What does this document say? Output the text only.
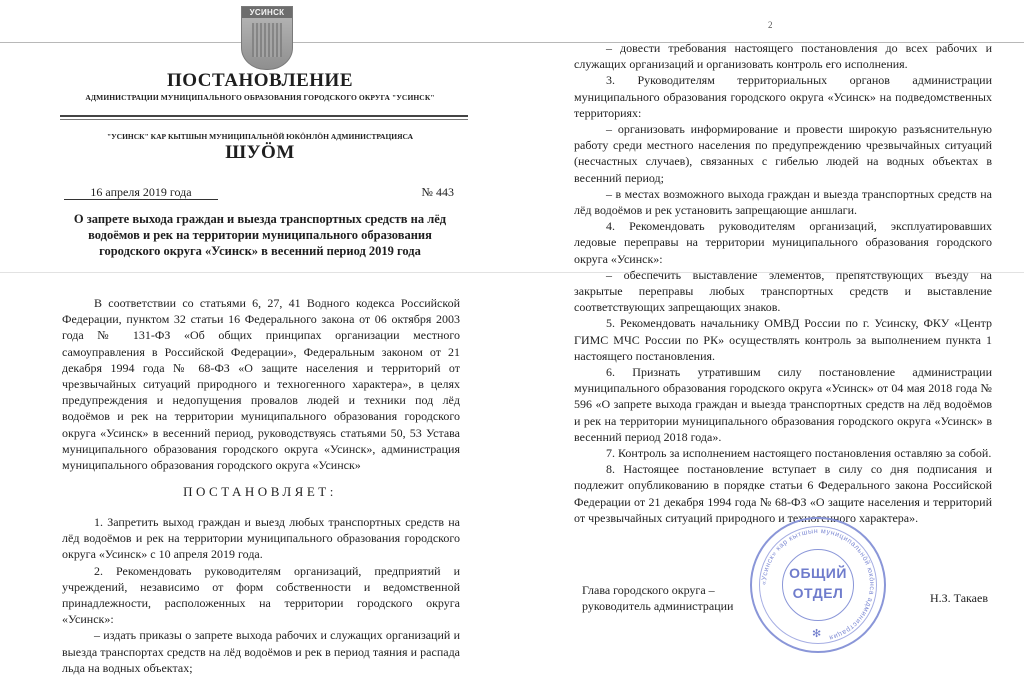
УСИНСК
ПОСТАНОВЛЕНИЕ
АДМИНИСТРАЦИИ МУНИЦИПАЛЬНОГО ОБРАЗОВАНИЯ ГОРОДСКОГО ОКРУГА "УСИНСК"
"УСИНСК" КАР КЫТШЫН МУНИЦИПАЛЬНÖЙ ЮКÖНЛÖН АДМИНИСТРАЦИЯСА
ШУÖМ
16 апреля 2019 года	№ 443
О запрете выхода граждан и выезда транспортных средств на лёд водоёмов и рек на территории муниципального образования городского округа «Усинск» в весенний период 2019 года

В соответствии со статьями 6, 27, 41 Водного кодекса Российской Федерации, пунктом 32 статьи 16 Федерального закона от 06 октября 2003 года № 131-ФЗ «Об общих принципах организации местного самоуправления в Российской Федерации», Федеральным законом от 21 декабря 1994 года № 68-ФЗ «О защите населения и территорий от чрезвычайных ситуаций природного и техногенного характера», в целях предупреждения и недопущения провалов людей и техники под лёд водоёмов и рек на территории муниципального образования городского округа «Усинск» в весенний период, руководствуясь статьями 50, 53 Устава муниципального образования городского округа «Усинск», администрация муниципального образования городского округа «Усинск»

ПОСТАНОВЛЯЕТ:

1. Запретить выход граждан и выезд любых транспортных средств на лёд водоёмов и рек на территории муниципального образования городского округа «Усинск» с 10 апреля 2019 года.

2. Рекомендовать руководителям организаций, предприятий и учреждений, независимо от форм собственности и ведомственной принадлежности, расположенных на территории городского округа «Усинск»:

– издать приказы о запрете выхода рабочих и служащих организаций и выезда транспортах средств на лёд водоёмов и рек в период таяния и распада льда на водных объектах;

2

– довести требования настоящего постановления до всех рабочих и служащих организаций и организовать контроль его исполнения.

3. Руководителям территориальных органов администрации муниципального образования городского округа «Усинск» на подведомственных территориях:

– организовать информирование и провести широкую разъяснительную работу среди местного населения по предупреждению чрезвычайных ситуаций (несчастных случаев), связанных с гибелью людей на водных объектах в весенний период;

– в местах возможного выхода граждан и выезда транспортных средств на лёд водоёмов и рек установить запрещающие аншлаги.

4. Рекомендовать руководителям организаций, эксплуатировавших ледовые переправы на территории муниципального образования городского округа «Усинск»:

– обеспечить выставление элементов, препятствующих въезду на закрытые переправы любых транспортных средств и выставление соответствующих запрещающих знаков.

5. Рекомендовать начальнику ОМВД России по г. Усинску, ФКУ «Центр ГИМС МЧС России по РК» осуществлять контроль за выполнением пункта 1 настоящего постановления.

6. Признать утратившим силу постановление администрации муниципального образования городского округа «Усинск» от 04 мая 2018 года № 596 «О запрете выхода граждан и выезда транспортных средств на лёд водоёмов и рек на территории муниципального образования городского округа «Усинск» в весенний период 2018 года».

7. Контроль за исполнением настоящего постановления оставляю за собой.

8. Настоящее постановление вступает в силу со дня подписания и подлежит опубликованию в порядке статьи 6 Федерального закона Российской Федерации от 21 декабря 1994 года № 68-ФЗ «О защите населения и территорий от чрезвычайных ситуаций природного и техногенного характера».

Глава городского округа –
руководитель администрации
«Усинск» кар кытшын муниципальнöй юкöнса администрация
ОБЩИЙ
ОТДЕЛ
✻
Н.З. Такаев
